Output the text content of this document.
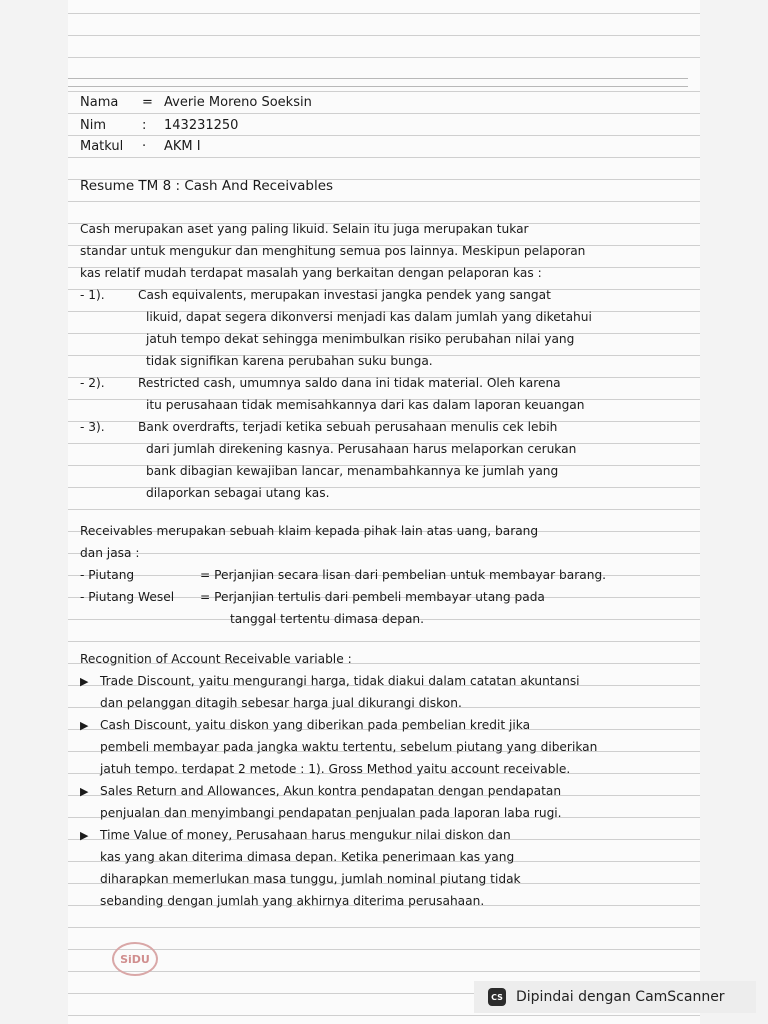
Nama = Averie Moreno Soeksin
Nim	: 143231250
Matkul · AKM I
Resume TM 8 : Cash And Receivables
Cash merupakan aset yang paling likuid. Selain itu juga merupakan tukar
standar untuk mengukur dan menghitung semua pos lainnya. Meskipun pelaporan
kas relatif mudah terdapat masalah yang berkaitan dengan pelaporan kas :
- 1).	Cash equivalents, merupakan investasi jangka pendek yang sangat
likuid, dapat segera dikonversi menjadi kas dalam jumlah yang diketahui
jatuh tempo dekat sehingga menimbulkan risiko perubahan nilai yang
tidak signifikan karena perubahan suku bunga.
- 2).	Restricted cash, umumnya saldo dana ini tidak material. Oleh karena
itu perusahaan tidak memisahkannya dari kas dalam laporan keuangan
- 3).	Bank overdrafts, terjadi ketika sebuah perusahaan menulis cek lebih
dari jumlah direkening kasnya. Perusahaan harus melaporkan cerukan
bank dibagian kewajiban lancar, menambahkannya ke jumlah yang
dilaporkan sebagai utang kas.
Receivables merupakan sebuah klaim kepada pihak lain atas uang, barang
dan jasa :
- Piutang	= Perjanjian secara lisan dari pembelian untuk membayar barang.
- Piutang Wesel = Perjanjian tertulis dari pembeli membayar utang pada
tanggal tertentu dimasa depan.
Recognition of Account Receivable variable :
▶ Trade Discount, yaitu mengurangi harga, tidak diakui dalam catatan akuntansi
dan pelanggan ditagih sebesar harga jual dikurangi diskon.
▶ Cash Discount, yaitu diskon yang diberikan pada pembelian kredit jika
pembeli membayar pada jangka waktu tertentu, sebelum piutang yang diberikan
jatuh tempo. terdapat 2 metode : 1). Gross Method yaitu account receivable.
▶ Sales Return and Allowances, Akun kontra pendapatan dengan pendapatan
penjualan dan menyimbangi pendapatan penjualan pada laporan laba rugi.
▶ Time Value of money, Perusahaan harus mengukur nilai diskon dan
kas yang akan diterima dimasa depan. Ketika penerimaan kas yang
diharapkan memerlukan masa tunggu, jumlah nominal piutang tidak
sebanding dengan jumlah yang akhirnya diterima perusahaan.
SiDU
CS Dipindai dengan CamScanner
